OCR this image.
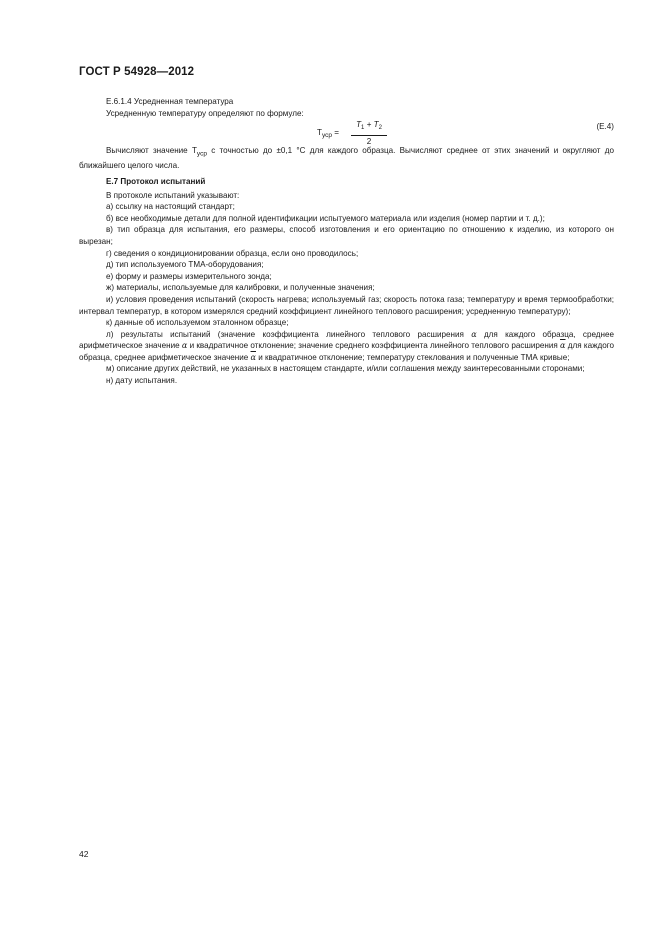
ГОСТ Р 54928—2012
Е.6.1.4 Усредненная температура
Усредненную температуру определяют по формуле:
$T_{уср}$ =
$T_1 + T_2$
2
(Е.4)
Вычисляют значение $T_{уср}$ с точностью до ±0,1 °С для каждого образца. Вычисляют среднее от этих значений и округляют до ближайшего целого числа.
Е.7 Протокол испытаний
В протоколе испытаний указывают:
а) ссылку на настоящий стандарт;
б) все необходимые детали для полной идентификации испытуемого материала или изделия (номер партии и т. д.);
в) тип образца для испытания, его размеры, способ изготовления и его ориентацию по отношению к изделию, из которого он вырезан;
г) сведения о кондиционировании образца, если оно проводилось;
д) тип используемого ТМА-оборудования;
е) форму и размеры измерительного зонда;
ж) материалы, используемые для калибровки, и полученные значения;
и) условия проведения испытаний (скорость нагрева; используемый газ; скорость потока газа; температуру и время термообработки; интервал температур, в котором измерялся средний коэффициент линейного теплового расширения; усредненную температуру);
к) данные об используемом эталонном образце;
л) результаты испытаний (значение коэффициента линейного теплового расширения α для каждого образца, среднее арифметическое значение α и квадратичное отклонение; значение среднего коэффициента линейного теплового расширения $\overline{\alpha}$ для каждого образца, среднее арифметическое значение $\overline{\alpha}$ и квадратичное отклонение; температуру стеклования и полученные ТМА кривые;
м) описание других действий, не указанных в настоящем стандарте, и/или соглашения между заинтересованными сторонами;
н) дату испытания.
42
